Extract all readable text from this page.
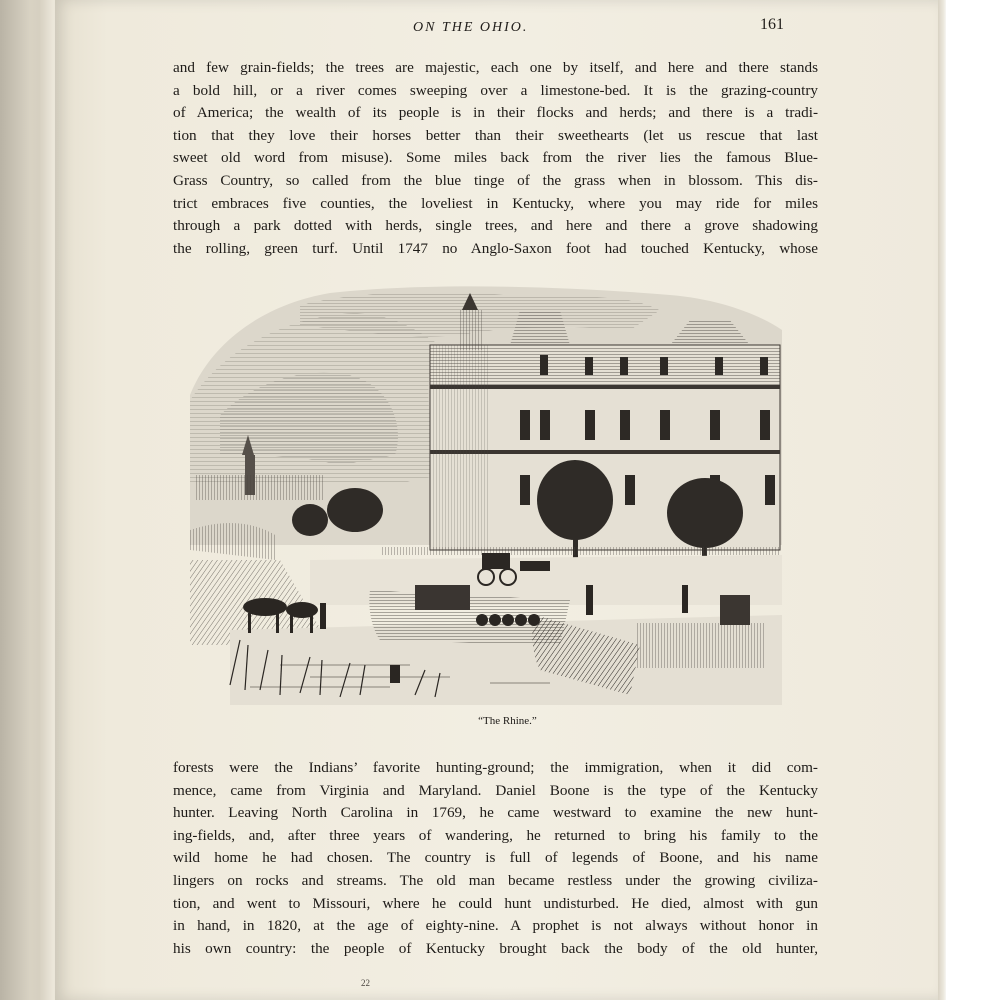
ON THE OHIO.	161
and few grain-fields; the trees are majestic, each one by itself, and here and there stands
a bold hill, or a river comes sweeping over a limestone-bed. It is the grazing-country
of America; the wealth of its people is in their flocks and herds; and there is a tradi-
tion that they love their horses better than their sweethearts (let us rescue that last
sweet old word from misuse). Some miles back from the river lies the famous Blue-
Grass Country, so called from the blue tinge of the grass when in blossom. This dis-
trict embraces five counties, the loveliest in Kentucky, where you may ride for miles
through a park dotted with herds, single trees, and here and there a grove shadowing
the rolling, green turf. Until 1747 no Anglo-Saxon foot had touched Kentucky, whose
“The Rhine.”
forests were the Indians’ favorite hunting-ground; the immigration, when it did com-
mence, came from Virginia and Maryland. Daniel Boone is the type of the Kentucky
hunter. Leaving North Carolina in 1769, he came westward to examine the new hunt-
ing-fields, and, after three years of wandering, he returned to bring his family to the
wild home he had chosen. The country is full of legends of Boone, and his name
lingers on rocks and streams. The old man became restless under the growing civiliza-
tion, and went to Missouri, where he could hunt undisturbed. He died, almost with gun
in hand, in 1820, at the age of eighty-nine. A prophet is not always without honor in
his own country: the people of Kentucky brought back the body of the old hunter,
22
